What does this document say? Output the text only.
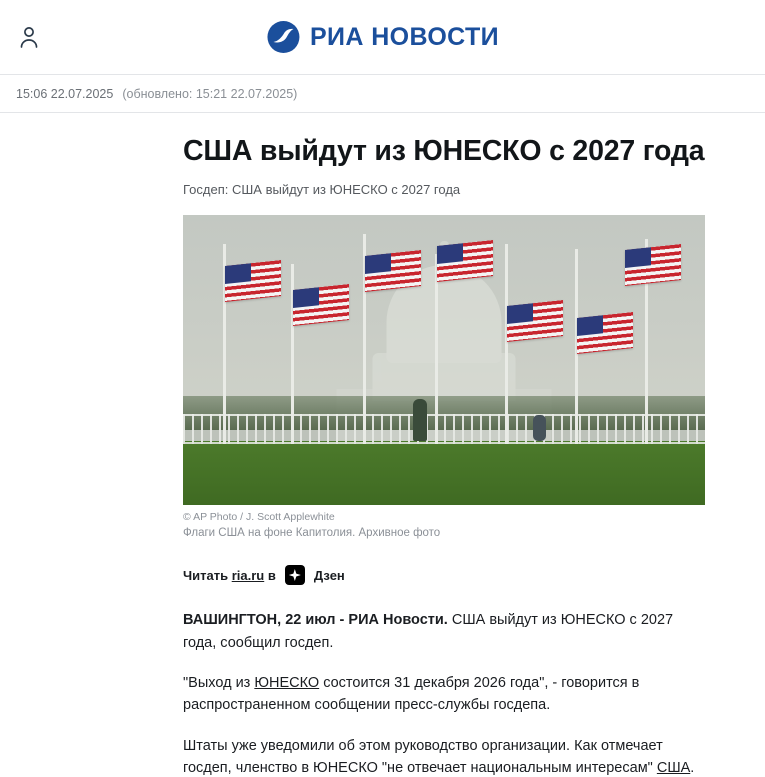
РИА НОВОСТИ
15:06 22.07.2025 (обновлено: 15:21 22.07.2025)
США выйдут из ЮНЕСКО с 2027 года
Госдеп: США выйдут из ЮНЕСКО с 2027 года
© AP Photo / J. Scott Applewhite
Флаги США на фоне Капитолия. Архивное фото
Читать ria.ru в	Дзен

ВАШИНГТОН, 22 июл - РИА Новости. США выйдут из ЮНЕСКО с 2027 года, сообщил госдеп.

"Выход из ЮНЕСКО состоится 31 декабря 2026 года", - говорится в распространенном сообщении пресс-службы госдепа.

Штаты уже уведомили об этом руководство организации. Как отмечает госдеп, членство в ЮНЕСКО "не отвечает национальным интересам" США.
